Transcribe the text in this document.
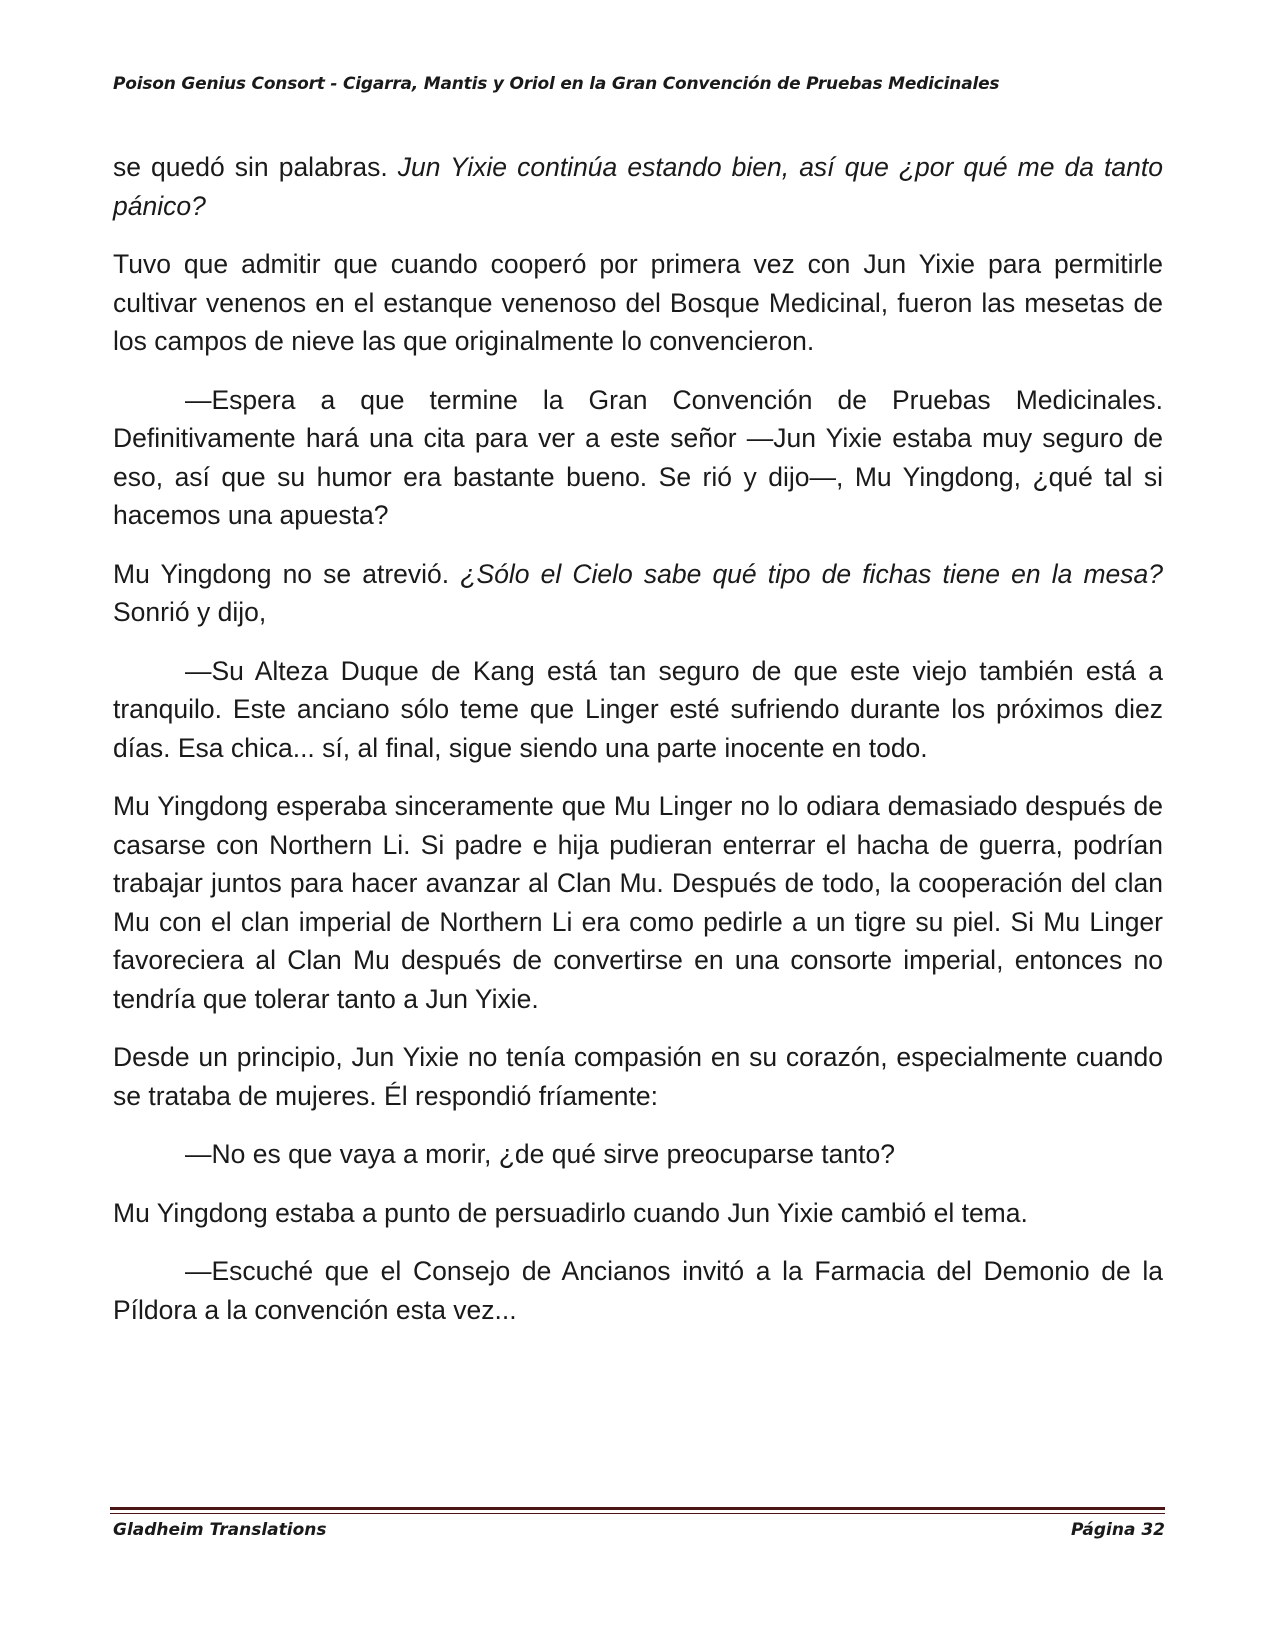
Poison Genius Consort - Cigarra, Mantis y Oriol en la Gran Convención de Pruebas Medicinales

se quedó sin palabras. Jun Yixie continúa estando bien, así que ¿por qué me da tanto pánico?

Tuvo que admitir que cuando cooperó por primera vez con Jun Yixie para permitirle cultivar venenos en el estanque venenoso del Bosque Medicinal, fueron las mesetas de los campos de nieve las que originalmente lo convencieron.

—Espera a que termine la Gran Convención de Pruebas Medicinales. Definitivamente hará una cita para ver a este señor —Jun Yixie estaba muy seguro de eso, así que su humor era bastante bueno. Se rió y dijo—, Mu Yingdong, ¿qué tal si hacemos una apuesta?

Mu Yingdong no se atrevió. ¿Sólo el Cielo sabe qué tipo de fichas tiene en la mesa? Sonrió y dijo,

—Su Alteza Duque de Kang está tan seguro de que este viejo también está a tranquilo. Este anciano sólo teme que Linger esté sufriendo durante los próximos diez días. Esa chica... sí, al final, sigue siendo una parte inocente en todo.

Mu Yingdong esperaba sinceramente que Mu Linger no lo odiara demasiado después de casarse con Northern Li. Si padre e hija pudieran enterrar el hacha de guerra, podrían trabajar juntos para hacer avanzar al Clan Mu. Después de todo, la cooperación del clan Mu con el clan imperial de Northern Li era como pedirle a un tigre su piel. Si Mu Linger favoreciera al Clan Mu después de convertirse en una consorte imperial, entonces no tendría que tolerar tanto a Jun Yixie.

Desde un principio, Jun Yixie no tenía compasión en su corazón, especialmente cuando se trataba de mujeres. Él respondió fríamente:

—No es que vaya a morir, ¿de qué sirve preocuparse tanto?

Mu Yingdong estaba a punto de persuadirlo cuando Jun Yixie cambió el tema.

—Escuché que el Consejo de Ancianos invitó a la Farmacia del Demonio de la Píldora a la convención esta vez...

Gladheim Translations	Página 32
